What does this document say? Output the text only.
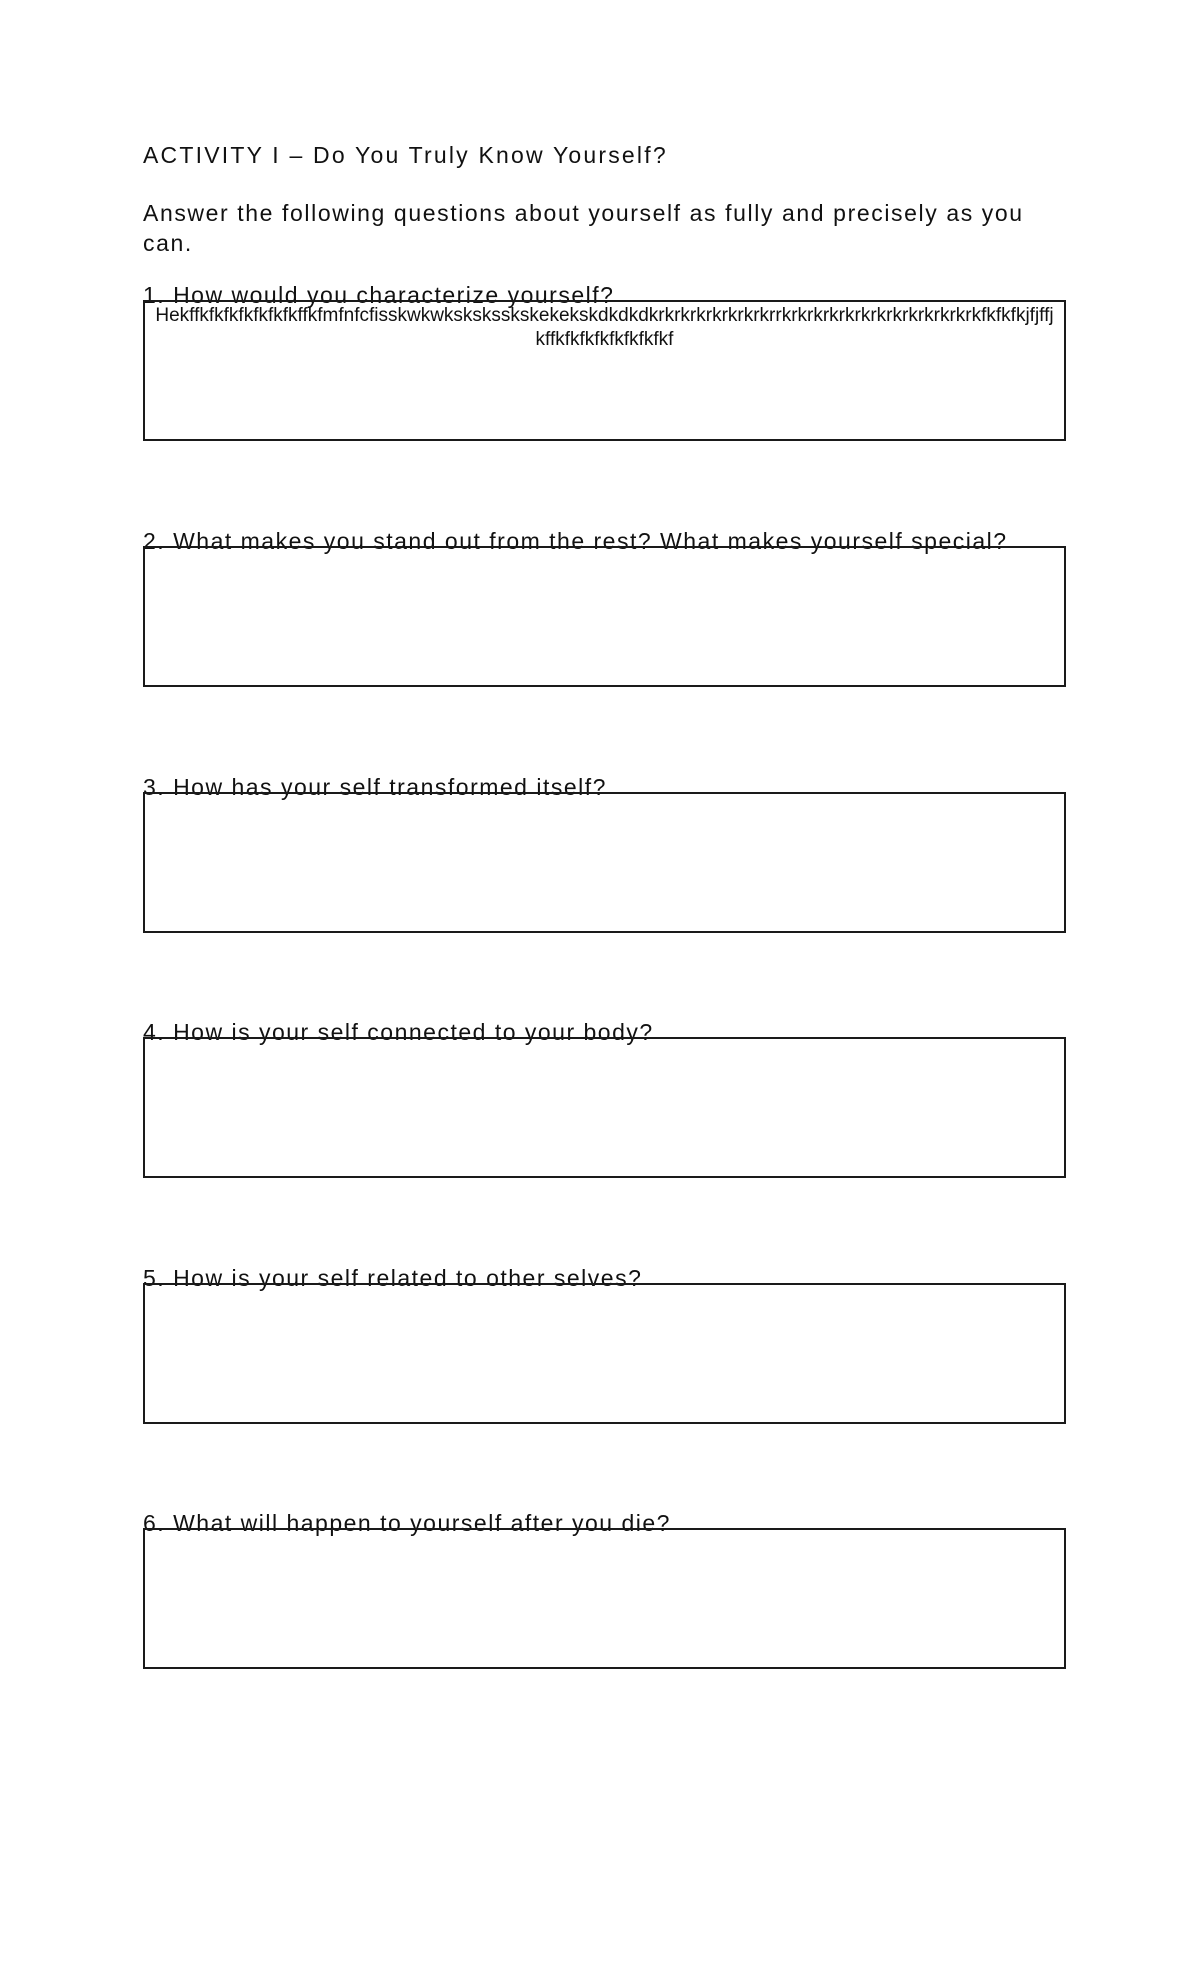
ACTIVITY I – Do You Truly Know Yourself?
Answer the following questions about yourself as fully and precisely as you can.
1. How would you characterize yourself?
Hekffkfkfkfkfkfkfkffkfmfnfcfisskwkwksksksskskekekskdkdkdkrkrkrkrkrkrkrkrrkrkrkrkrkrkrkrkrkrkrkrkrkfkfkfkjfjffjkffkfkfkfkfkfkfkfkf
2. What makes you stand out from the rest? What makes yourself special?
3. How has your self transformed itself?
4. How is your self connected to your body?
5. How is your self related to other selves?
6. What will happen to yourself after you die?
